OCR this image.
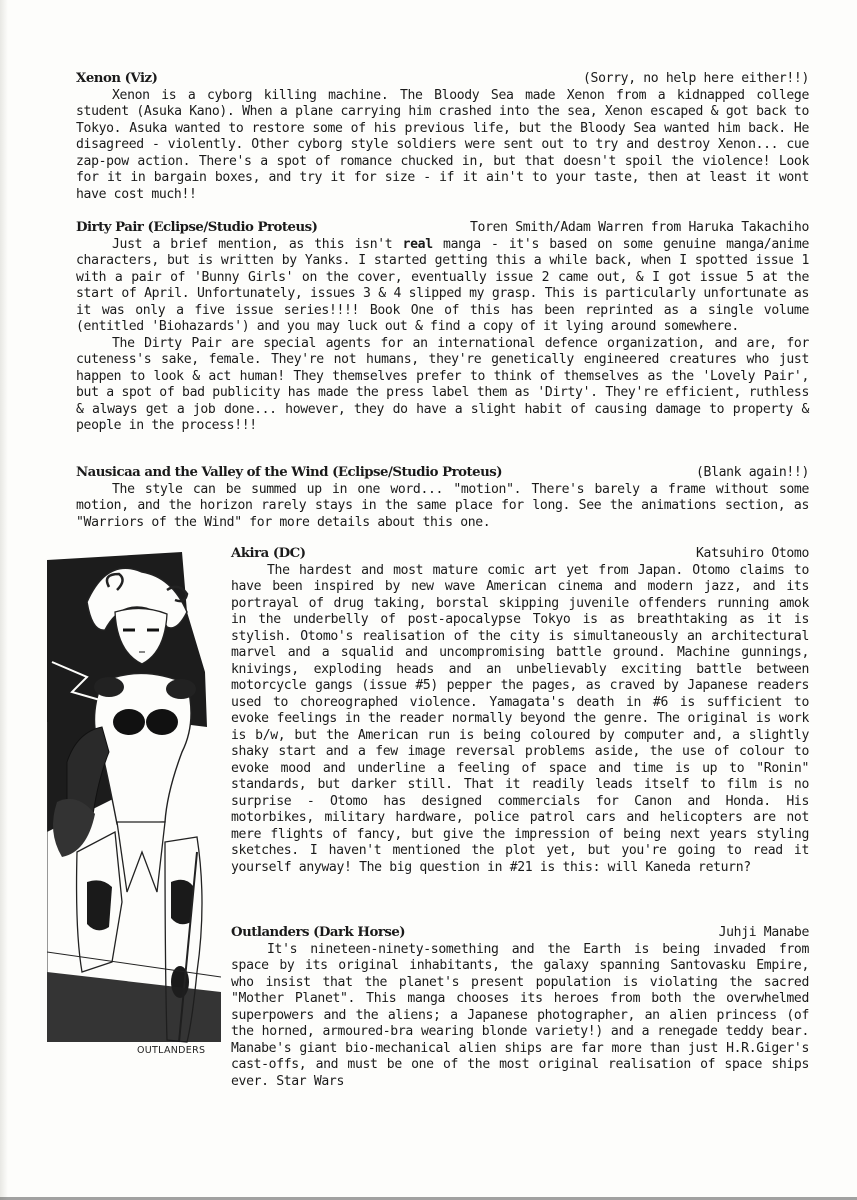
Xenon (Viz)	(Sorry, no help here either!!)

Xenon is a cyborg killing machine. The Bloody Sea made Xenon from a kidnapped college student (Asuka Kano). When a plane carrying him crashed into the sea, Xenon escaped & got back to Tokyo. Asuka wanted to restore some of his previous life, but the Bloody Sea wanted him back. He disagreed - violently. Other cyborg style soldiers were sent out to try and destroy Xenon... cue zap-pow action. There's a spot of romance chucked in, but that doesn't spoil the violence! Look for it in bargain boxes, and try it for size - if it ain't to your taste, then at least it wont have cost much!!

Dirty Pair (Eclipse/Studio Proteus)	Toren Smith/Adam Warren from Haruka Takachiho

Just a brief mention, as this isn't real manga - it's based on some genuine manga/anime characters, but is written by Yanks. I started getting this a while back, when I spotted issue 1 with a pair of 'Bunny Girls' on the cover, eventually issue 2 came out, & I got issue 5 at the start of April. Unfortunately, issues 3 & 4 slipped my grasp. This is particularly unfortunate as it was only a five issue series!!!! Book One of this has been reprinted as a single volume (entitled 'Biohazards') and you may luck out & find a copy of it lying around somewhere.

The Dirty Pair are special agents for an international defence organization, and are, for cuteness's sake, female. They're not humans, they're genetically engineered creatures who just happen to look & act human! They themselves prefer to think of themselves as the 'Lovely Pair', but a spot of bad publicity has made the press label them as 'Dirty'. They're efficient, ruthless & always get a job done... however, they do have a slight habit of causing damage to property & people in the process!!!

Nausicaa and the Valley of the Wind (Eclipse/Studio Proteus)	(Blank again!!)

The style can be summed up in one word... "motion". There's barely a frame without some motion, and the horizon rarely stays in the same place for long. See the animations section, as "Warriors of the Wind" for more details about this one.

OUTLANDERS
Akira (DC)	Katsuhiro Otomo

The hardest and most mature comic art yet from Japan. Otomo claims to have been inspired by new wave American cinema and modern jazz, and its portrayal of drug taking, borstal skipping juvenile offenders running amok in the underbelly of post-apocalypse Tokyo is as breathtaking as it is stylish. Otomo's realisation of the city is simultaneously an architectural marvel and a squalid and uncompromising battle ground. Machine gunnings, knivings, exploding heads and an unbelievably exciting battle between motorcycle gangs (issue #5) pepper the pages, as craved by Japanese readers used to choreographed violence. Yamagata's death in #6 is sufficient to evoke feelings in the reader normally beyond the genre. The original is work is b/w, but the American run is being coloured by computer and, a slightly shaky start and a few image reversal problems aside, the use of colour to evoke mood and underline a feeling of space and time is up to "Ronin" standards, but darker still. That it readily leads itself to film is no surprise - Otomo has designed commercials for Canon and Honda. His motorbikes, military hardware, police patrol cars and helicopters are not mere flights of fancy, but give the impression of being next years styling sketches. I haven't mentioned the plot yet, but you're going to read it yourself anyway! The big question in #21 is this: will Kaneda return?

Outlanders (Dark Horse)	Juhji Manabe

It's nineteen-ninety-something and the Earth is being invaded from space by its original inhabitants, the galaxy spanning Santovasku Empire, who insist that the planet's present population is violating the sacred "Mother Planet". This manga chooses its heroes from both the overwhelmed superpowers and the aliens; a Japanese photographer, an alien princess (of the horned, armoured-bra wearing blonde variety!) and a renegade teddy bear. Manabe's giant bio-mechanical alien ships are far more than just H.R.Giger's cast-offs, and must be one of the most original realisation of space ships ever. Star Wars
